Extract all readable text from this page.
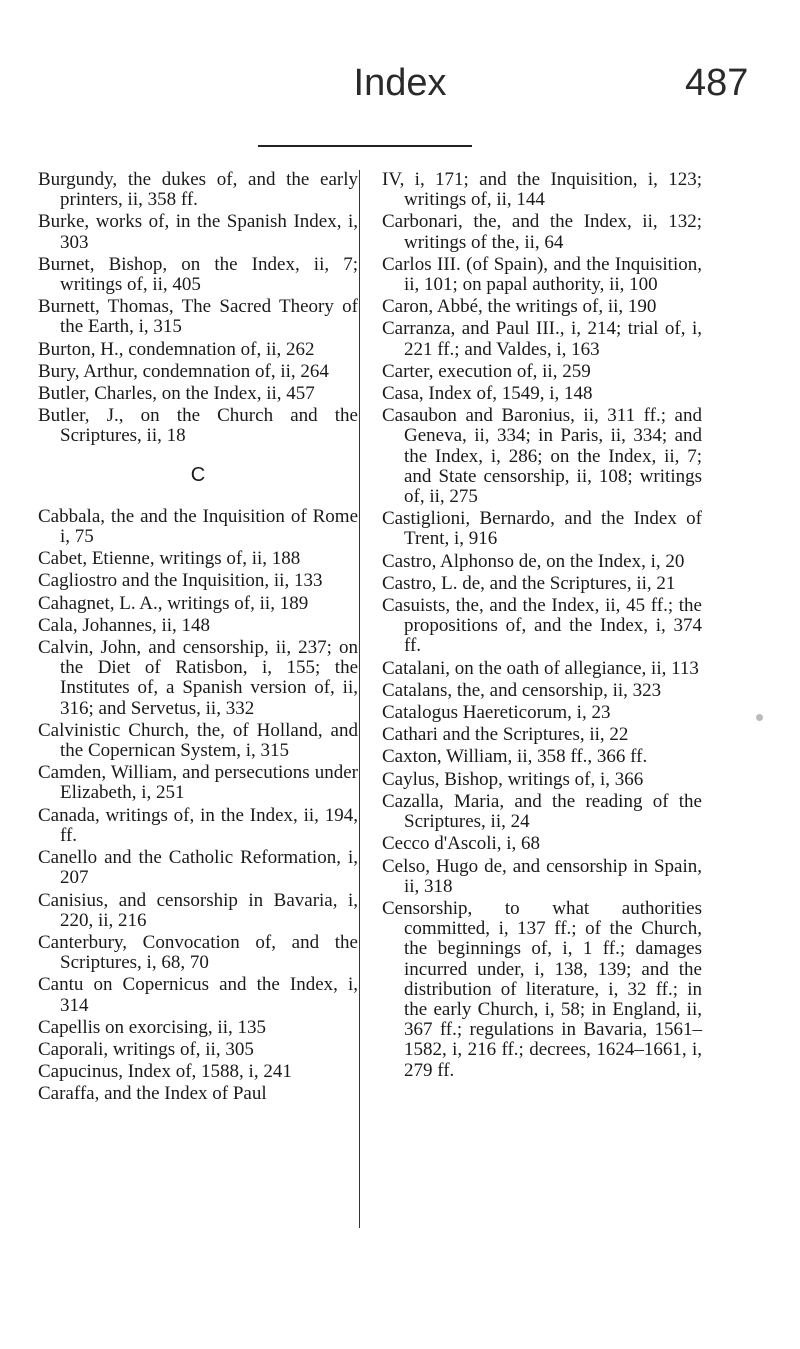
Index	487
Burgundy, the dukes of, and the early printers, ii, 358 ff.
Burke, works of, in the Spanish Index, i, 303
Burnet, Bishop, on the Index, ii, 7; writings of, ii, 405
Burnett, Thomas, The Sacred Theory of the Earth, i, 315
Burton, H., condemnation of, ii, 262
Bury, Arthur, condemnation of, ii, 264
Butler, Charles, on the Index, ii, 457
Butler, J., on the Church and the Scriptures, ii, 18
C
Cabbala, the and the Inquisition of Rome i, 75
Cabet, Etienne, writings of, ii, 188
Cagliostro and the Inquisition, ii, 133
Cahagnet, L. A., writings of, ii, 189
Cala, Johannes, ii, 148
Calvin, John, and censorship, ii, 237; on the Diet of Ratisbon, i, 155; the Institutes of, a Spanish version of, ii, 316; and Servetus, ii, 332
Calvinistic Church, the, of Holland, and the Copernican System, i, 315
Camden, William, and persecutions under Elizabeth, i, 251
Canada, writings of, in the Index, ii, 194, ff.
Canello and the Catholic Reformation, i, 207
Canisius, and censorship in Bavaria, i, 220, ii, 216
Canterbury, Convocation of, and the Scriptures, i, 68, 70
Cantu on Copernicus and the Index, i, 314
Capellis on exorcising, ii, 135
Caporali, writings of, ii, 305
Capucinus, Index of, 1588, i, 241
Caraffa, and the Index of Paul
IV, i, 171; and the Inquisition, i, 123; writings of, ii, 144
Carbonari, the, and the Index, ii, 132; writings of the, ii, 64
Carlos III. (of Spain), and the Inquisition, ii, 101; on papal authority, ii, 100
Caron, Abbé, the writings of, ii, 190
Carranza, and Paul III., i, 214; trial of, i, 221 ff.; and Valdes, i, 163
Carter, execution of, ii, 259
Casa, Index of, 1549, i, 148
Casaubon and Baronius, ii, 311 ff.; and Geneva, ii, 334; in Paris, ii, 334; and the Index, i, 286; on the Index, ii, 7; and State censorship, ii, 108; writings of, ii, 275
Castiglioni, Bernardo, and the Index of Trent, i, 916
Castro, Alphonso de, on the Index, i, 20
Castro, L. de, and the Scriptures, ii, 21
Casuists, the, and the Index, ii, 45 ff.; the propositions of, and the Index, i, 374 ff.
Catalani, on the oath of allegiance, ii, 113
Catalans, the, and censorship, ii, 323
Catalogus Haereticorum, i, 23
Cathari and the Scriptures, ii, 22
Caxton, William, ii, 358 ff., 366 ff.
Caylus, Bishop, writings of, i, 366
Cazalla, Maria, and the reading of the Scriptures, ii, 24
Cecco d'Ascoli, i, 68
Celso, Hugo de, and censorship in Spain, ii, 318
Censorship, to what authorities committed, i, 137 ff.; of the Church, the beginnings of, i, 1 ff.; damages incurred under, i, 138, 139; and the distribution of literature, i, 32 ff.; in the early Church, i, 58; in England, ii, 367 ff.; regulations in Bavaria, 1561–1582, i, 216 ff.; decrees, 1624–1661, i, 279 ff.
